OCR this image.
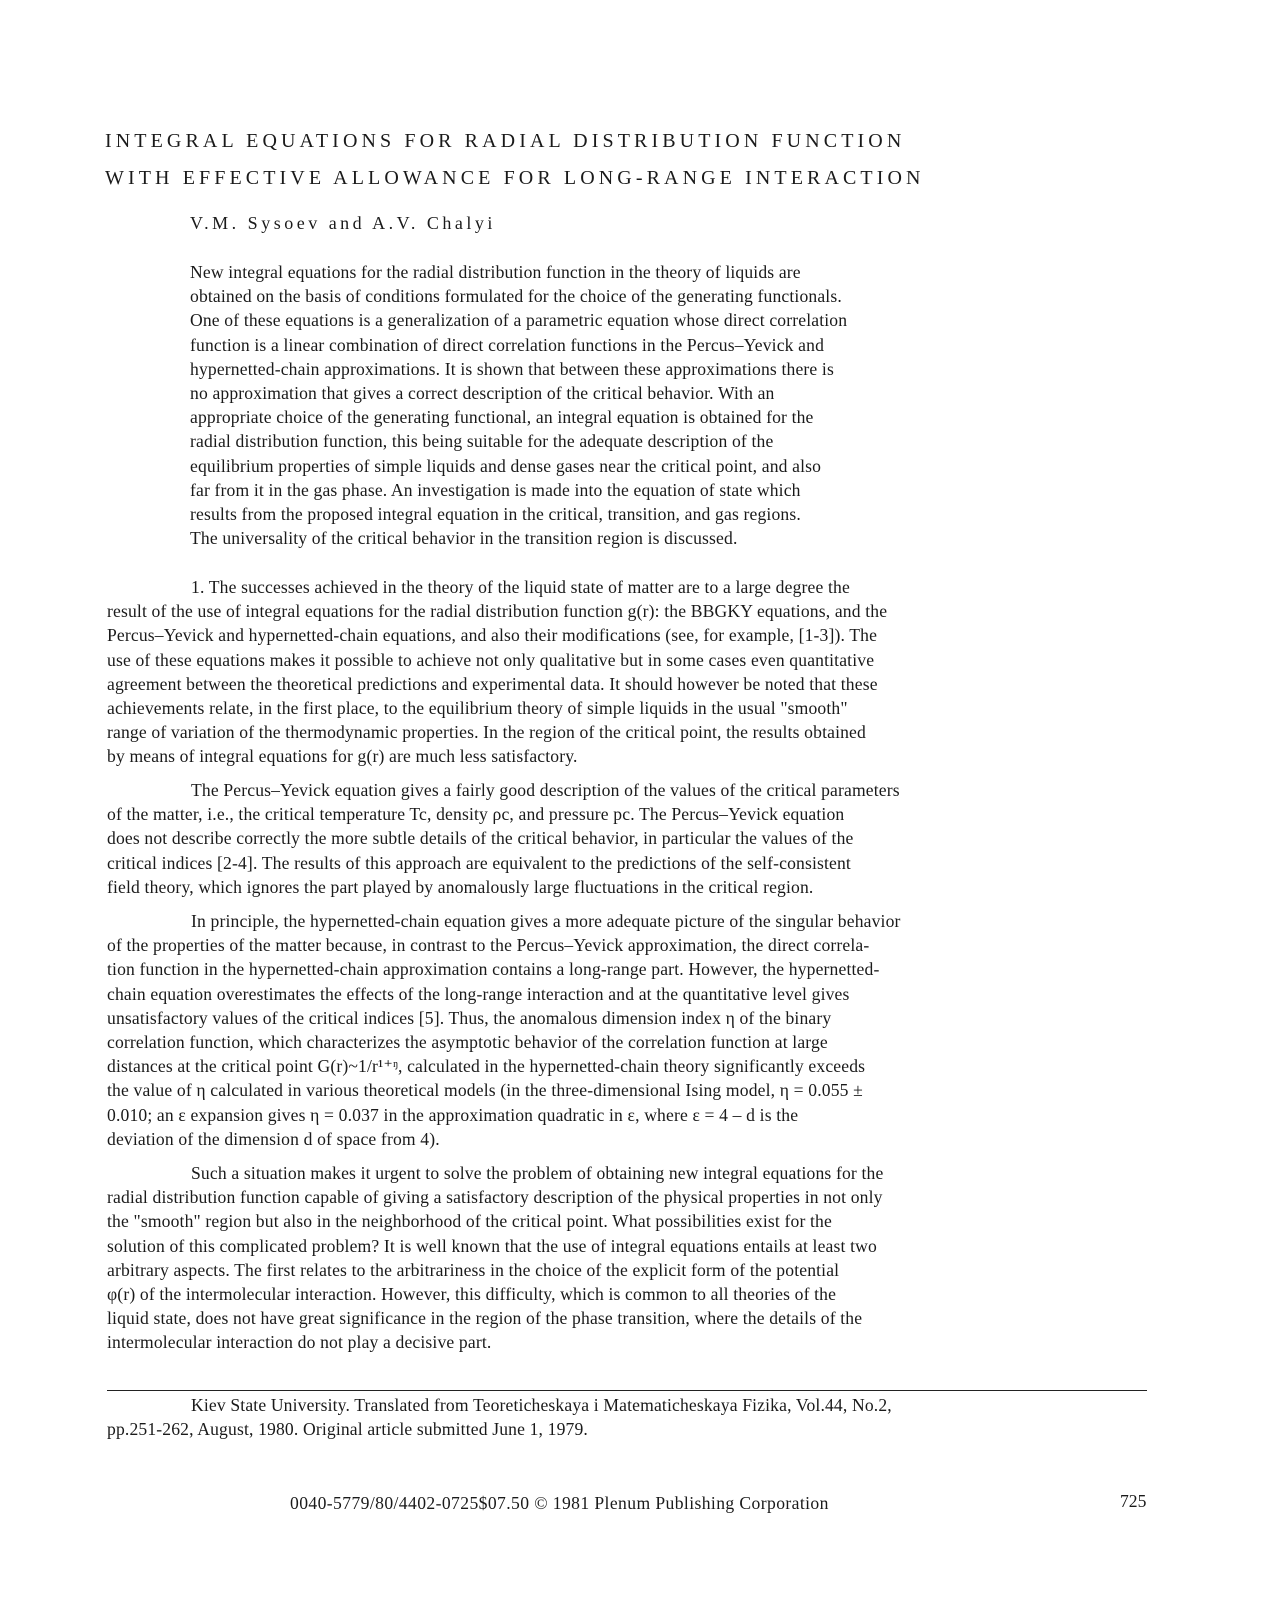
INTEGRAL EQUATIONS FOR RADIAL DISTRIBUTION FUNCTION
WITH EFFECTIVE ALLOWANCE FOR LONG-RANGE INTERACTION
V.M. Sysoev and A.V. Chalyi
New integral equations for the radial distribution function in the theory of liquids are
obtained on the basis of conditions formulated for the choice of the generating functionals.
One of these equations is a generalization of a parametric equation whose direct correlation
function is a linear combination of direct correlation functions in the Percus–Yevick and
hypernetted-chain approximations. It is shown that between these approximations there is
no approximation that gives a correct description of the critical behavior. With an
appropriate choice of the generating functional, an integral equation is obtained for the
radial distribution function, this being suitable for the adequate description of the
equilibrium properties of simple liquids and dense gases near the critical point, and also
far from it in the gas phase. An investigation is made into the equation of state which
results from the proposed integral equation in the critical, transition, and gas regions.
The universality of the critical behavior in the transition region is discussed.
1. The successes achieved in the theory of the liquid state of matter are to a large degree the
result of the use of integral equations for the radial distribution function g(r): the BBGKY equations, and the
Percus–Yevick and hypernetted-chain equations, and also their modifications (see, for example, [1-3]). The
use of these equations makes it possible to achieve not only qualitative but in some cases even quantitative
agreement between the theoretical predictions and experimental data. It should however be noted that these
achievements relate, in the first place, to the equilibrium theory of simple liquids in the usual "smooth"
range of variation of the thermodynamic properties. In the region of the critical point, the results obtained
by means of integral equations for g(r) are much less satisfactory.
The Percus–Yevick equation gives a fairly good description of the values of the critical parameters
of the matter, i.e., the critical temperature Tc, density ρc, and pressure pc. The Percus–Yevick equation
does not describe correctly the more subtle details of the critical behavior, in particular the values of the
critical indices [2-4]. The results of this approach are equivalent to the predictions of the self-consistent
field theory, which ignores the part played by anomalously large fluctuations in the critical region.
In principle, the hypernetted-chain equation gives a more adequate picture of the singular behavior
of the properties of the matter because, in contrast to the Percus–Yevick approximation, the direct correla-
tion function in the hypernetted-chain approximation contains a long-range part. However, the hypernetted-
chain equation overestimates the effects of the long-range interaction and at the quantitative level gives
unsatisfactory values of the critical indices [5]. Thus, the anomalous dimension index η of the binary
correlation function, which characterizes the asymptotic behavior of the correlation function at large
distances at the critical point G(r)~1/r¹⁺ᵑ, calculated in the hypernetted-chain theory significantly exceeds
the value of η calculated in various theoretical models (in the three-dimensional Ising model, η = 0.055 ±
0.010; an ε expansion gives η = 0.037 in the approximation quadratic in ε, where ε = 4 – d is the
deviation of the dimension d of space from 4).
Such a situation makes it urgent to solve the problem of obtaining new integral equations for the
radial distribution function capable of giving a satisfactory description of the physical properties in not only
the "smooth" region but also in the neighborhood of the critical point. What possibilities exist for the
solution of this complicated problem? It is well known that the use of integral equations entails at least two
arbitrary aspects. The first relates to the arbitrariness in the choice of the explicit form of the potential
φ(r) of the intermolecular interaction. However, this difficulty, which is common to all theories of the
liquid state, does not have great significance in the region of the phase transition, where the details of the
intermolecular interaction do not play a decisive part.
Kiev State University. Translated from Teoreticheskaya i Matematicheskaya Fizika, Vol.44, No.2,
pp.251-262, August, 1980. Original article submitted June 1, 1979.
0040-5779/80/4402-0725$07.50 © 1981 Plenum Publishing Corporation	725
